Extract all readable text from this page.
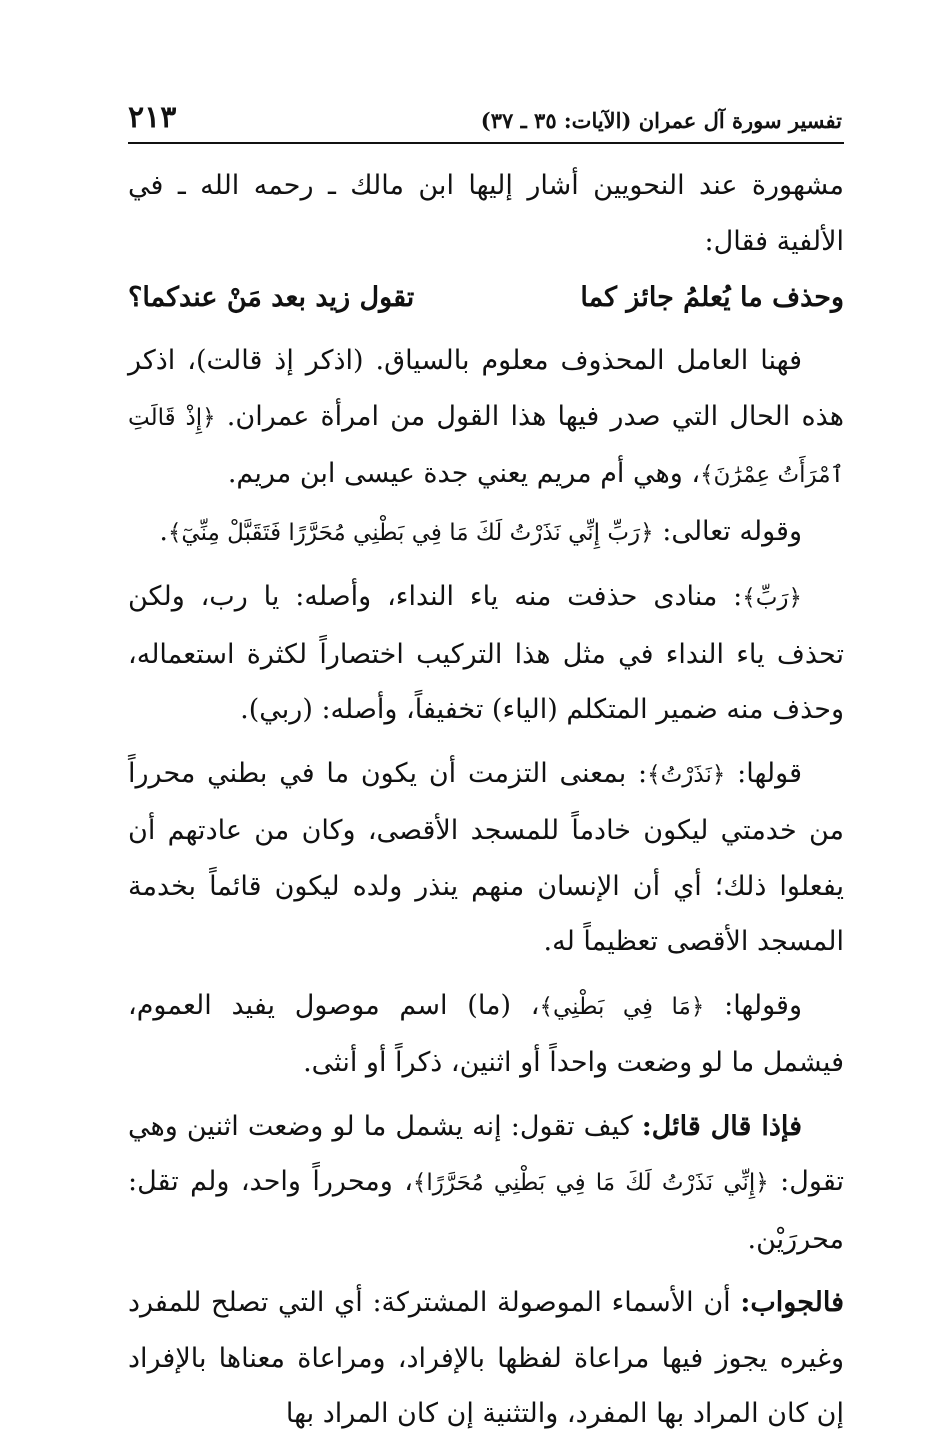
تفسير سورة آل عمران (الآيات: ٣٥ ـ ٣٧)
٢١٣

مشهورة عند النحويين أشار إليها ابن مالك ـ رحمه الله ـ في الألفية فقال:

وحذف ما يُعلمُ جائز كما
تقول زيد بعد مَنْ عندكما؟

فهنا العامل المحذوف معلوم بالسياق. (اذكر إذ قالت)، اذكر هذه الحال التي صدر فيها هذا القول من امرأة عمران. ﴿إِذْ قَالَتِ ٱمْرَأَتُ عِمْرَٰنَ﴾، وهي أم مريم يعني جدة عيسى ابن مريم.

وقوله تعالى: ﴿رَبِّ إِنِّي نَذَرْتُ لَكَ مَا فِي بَطْنِي مُحَرَّرًا فَتَقَبَّلْ مِنِّيٓ﴾.

﴿رَبِّ﴾: منادى حذفت منه ياء النداء، وأصله: يا رب، ولكن تحذف ياء النداء في مثل هذا التركيب اختصاراً لكثرة استعماله، وحذف منه ضمير المتكلم (الياء) تخفيفاً، وأصله: (ربي).

قولها: ﴿نَذَرْتُ﴾: بمعنى التزمت أن يكون ما في بطني محرراً من خدمتي ليكون خادماً للمسجد الأقصى، وكان من عادتهم أن يفعلوا ذلك؛ أي أن الإنسان منهم ينذر ولده ليكون قائماً بخدمة المسجد الأقصى تعظيماً له.

وقولها: ﴿مَا فِي بَطْنِي﴾، (ما) اسم موصول يفيد العموم، فيشمل ما لو وضعت واحداً أو اثنين، ذكراً أو أنثى.

فإذا قال قائل: كيف تقول: إنه يشمل ما لو وضعت اثنين وهي تقول: ﴿إِنِّي نَذَرْتُ لَكَ مَا فِي بَطْنِي مُحَرَّرًا﴾، ومحرراً واحد، ولم تقل: محررَيْن.

فالجواب: أن الأسماء الموصولة المشتركة: أي التي تصلح للمفرد وغيره يجوز فيها مراعاة لفظها بالإفراد، ومراعاة معناها بالإفراد إن كان المراد بها المفرد، والتثنية إن كان المراد بها
